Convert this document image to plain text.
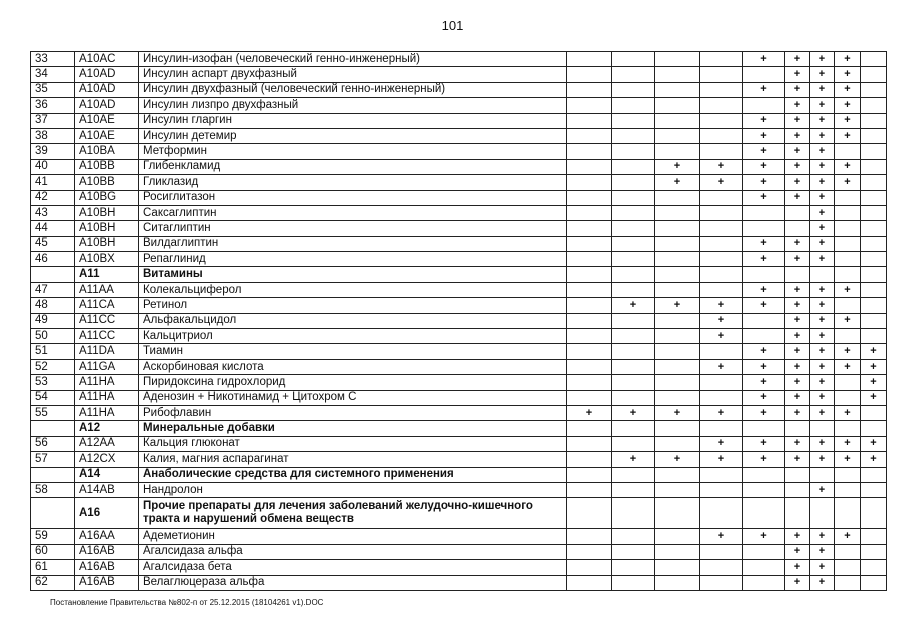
101
33	A10AC	Инсулин-изофан (человеческий генно-инженерный)					+	+	+	+	
34	A10AD	Инсулин аспарт двухфазный						+	+	+	
35	A10AD	Инсулин двухфазный (человеческий генно-инженерный)					+	+	+	+	
36	A10AD	Инсулин лизпро двухфазный						+	+	+	
37	A10AE	Инсулин гларгин					+	+	+	+	
38	A10AE	Инсулин детемир					+	+	+	+	
39	A10BA	Метформин					+	+	+		
40	A10BB	Глибенкламид			+	+	+	+	+	+	
41	A10BB	Гликлазид			+	+	+	+	+	+	
42	A10BG	Росиглитазон					+	+	+		
43	A10BH	Саксаглиптин							+		
44	A10BH	Ситаглиптин							+		
45	A10BH	Вилдаглиптин					+	+	+		
46	A10BX	Репаглинид					+	+	+		
	A11	Витамины									
47	A11AA	Колекальциферол					+	+	+	+	
48	A11CA	Ретинол		+	+	+	+	+	+		
49	A11CC	Альфакальцидол				+		+	+	+	
50	A11CC	Кальцитриол				+		+	+		
51	A11DA	Тиамин					+	+	+	+	+
52	A11GA	Аскорбиновая кислота				+	+	+	+	+	+
53	A11HA	Пиридоксина гидрохлорид					+	+	+		+
54	A11HA	Аденозин + Никотинамид + Цитохром С					+	+	+		+
55	A11HA	Рибофлавин	+	+	+	+	+	+	+	+	
	A12	Минеральные добавки									
56	A12AA	Кальция глюконат				+	+	+	+	+	+
57	A12CX	Калия, магния аспарагинат		+	+	+	+	+	+	+	+
	A14	Анаболические средства для системного применения									
58	A14AB	Нандролон							+		
	A16	Прочие препараты для лечения заболеваний желудочно-кишечного тракта и нарушений обмена веществ									
59	A16AA	Адеметионин				+	+	+	+	+	
60	A16AB	Агалсидаза альфа						+	+		
61	A16AB	Агалсидаза бета						+	+		
62	A16AB	Велаглюцераза альфа						+	+		
Постановление Правительства №802-п от 25.12.2015 (18104261 v1).DOC
